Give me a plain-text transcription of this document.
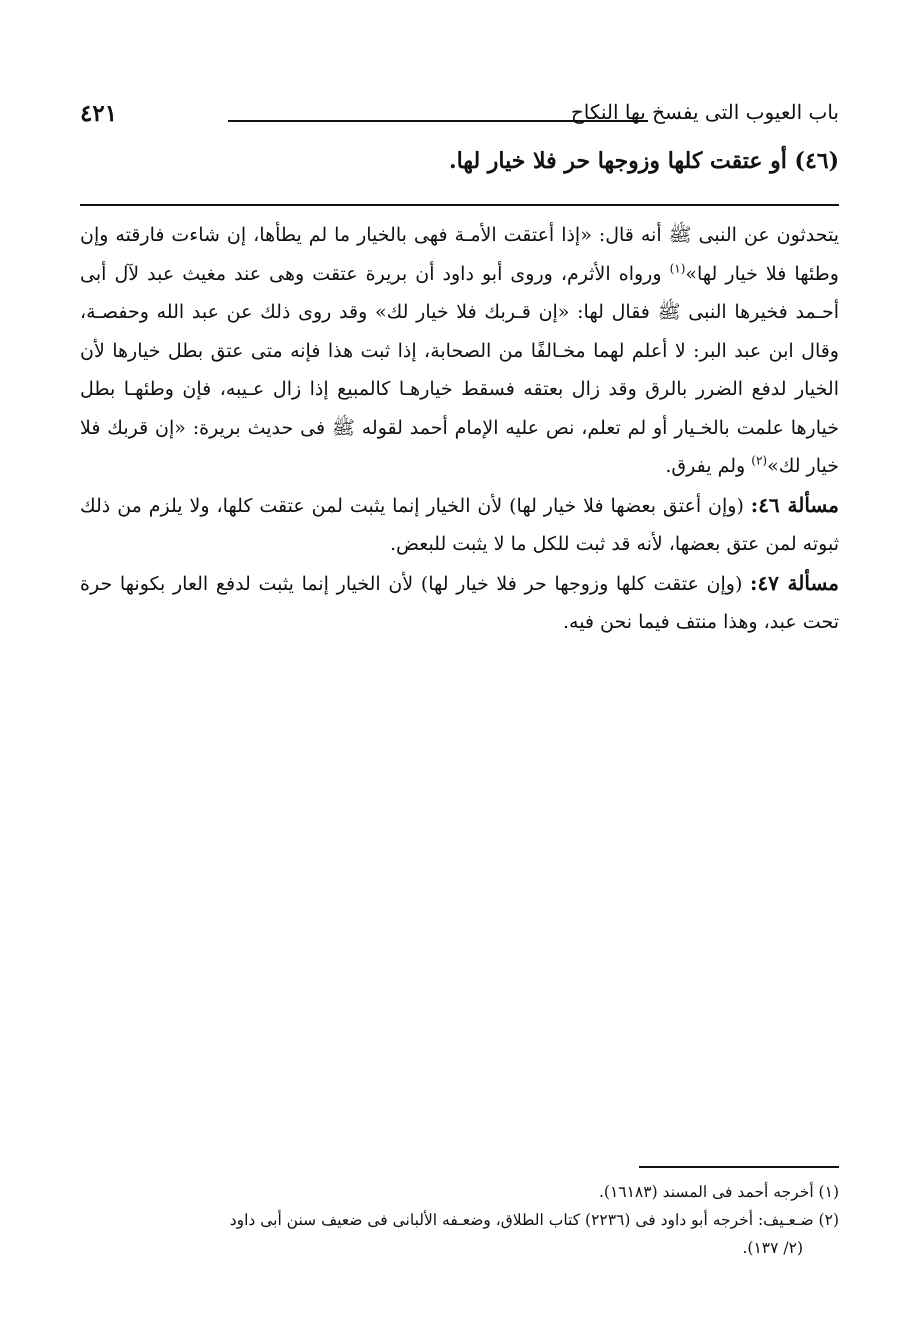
٤٢١	باب العيوب التى يفسخ بها النكاح
(٤٦) أو عتقت كلها وزوجها حر فلا خيار لها.

يتحدثون عن النبى ﷺ أنه قال: «إذا أعتقت الأمـة فهى بالخيار ما لم يطأها، إن شاءت فارقته وإن وطئها فلا خيار لها»$^{(١)}$ ورواه الأثرم، وروى أبو داود أن بريرة عتقت وهى عند مغيث عبد لآل أبى أحـمد فخيرها النبى ﷺ فقال لها: «إن قـربك فلا خيار لك» وقد روى ذلك عن عبد الله وحفصـة، وقال ابن عبد البر: لا أعلم لهما مخـالفًا من الصحابة، إذا ثبت هذا فإنه متى عتق بطل خيارها لأن الخيار لدفع الضرر بالرق وقد زال بعتقه فسقط خيارهـا كالمبيع إذا زال عـيبه، فإن وطئهـا بطل خيارها علمت بالخـيار أو لم تعلم، نص عليه الإمام أحمد لقوله ﷺ فى حديث بريرة: «إن قربك فلا خيار لك»$^{(٢)}$ ولم يفرق.

مسألة ٤٦: (وإن أعتق بعضها فلا خيار لها) لأن الخيار إنما يثبت لمن عتقت كلها، ولا يلزم من ذلك ثبوته لمن عتق بعضها، لأنه قد ثبت للكل ما لا يثبت للبعض.

مسألة ٤٧: (وإن عتقت كلها وزوجها حر فلا خيار لها) لأن الخيار إنما يثبت لدفع العار بكونها حرة تحت عبد، وهذا منتف فيما نحن فيه.

(١) أخرجه أحمد فى المسند (١٦١٨٣).

(٢) ضـعـيف: أخرجه أبو داود فى (٢٢٣٦) كتاب الطلاق، وضعـفه الألبانى فى ضعيف سنن أبى داود

(٢/ ١٣٧).
